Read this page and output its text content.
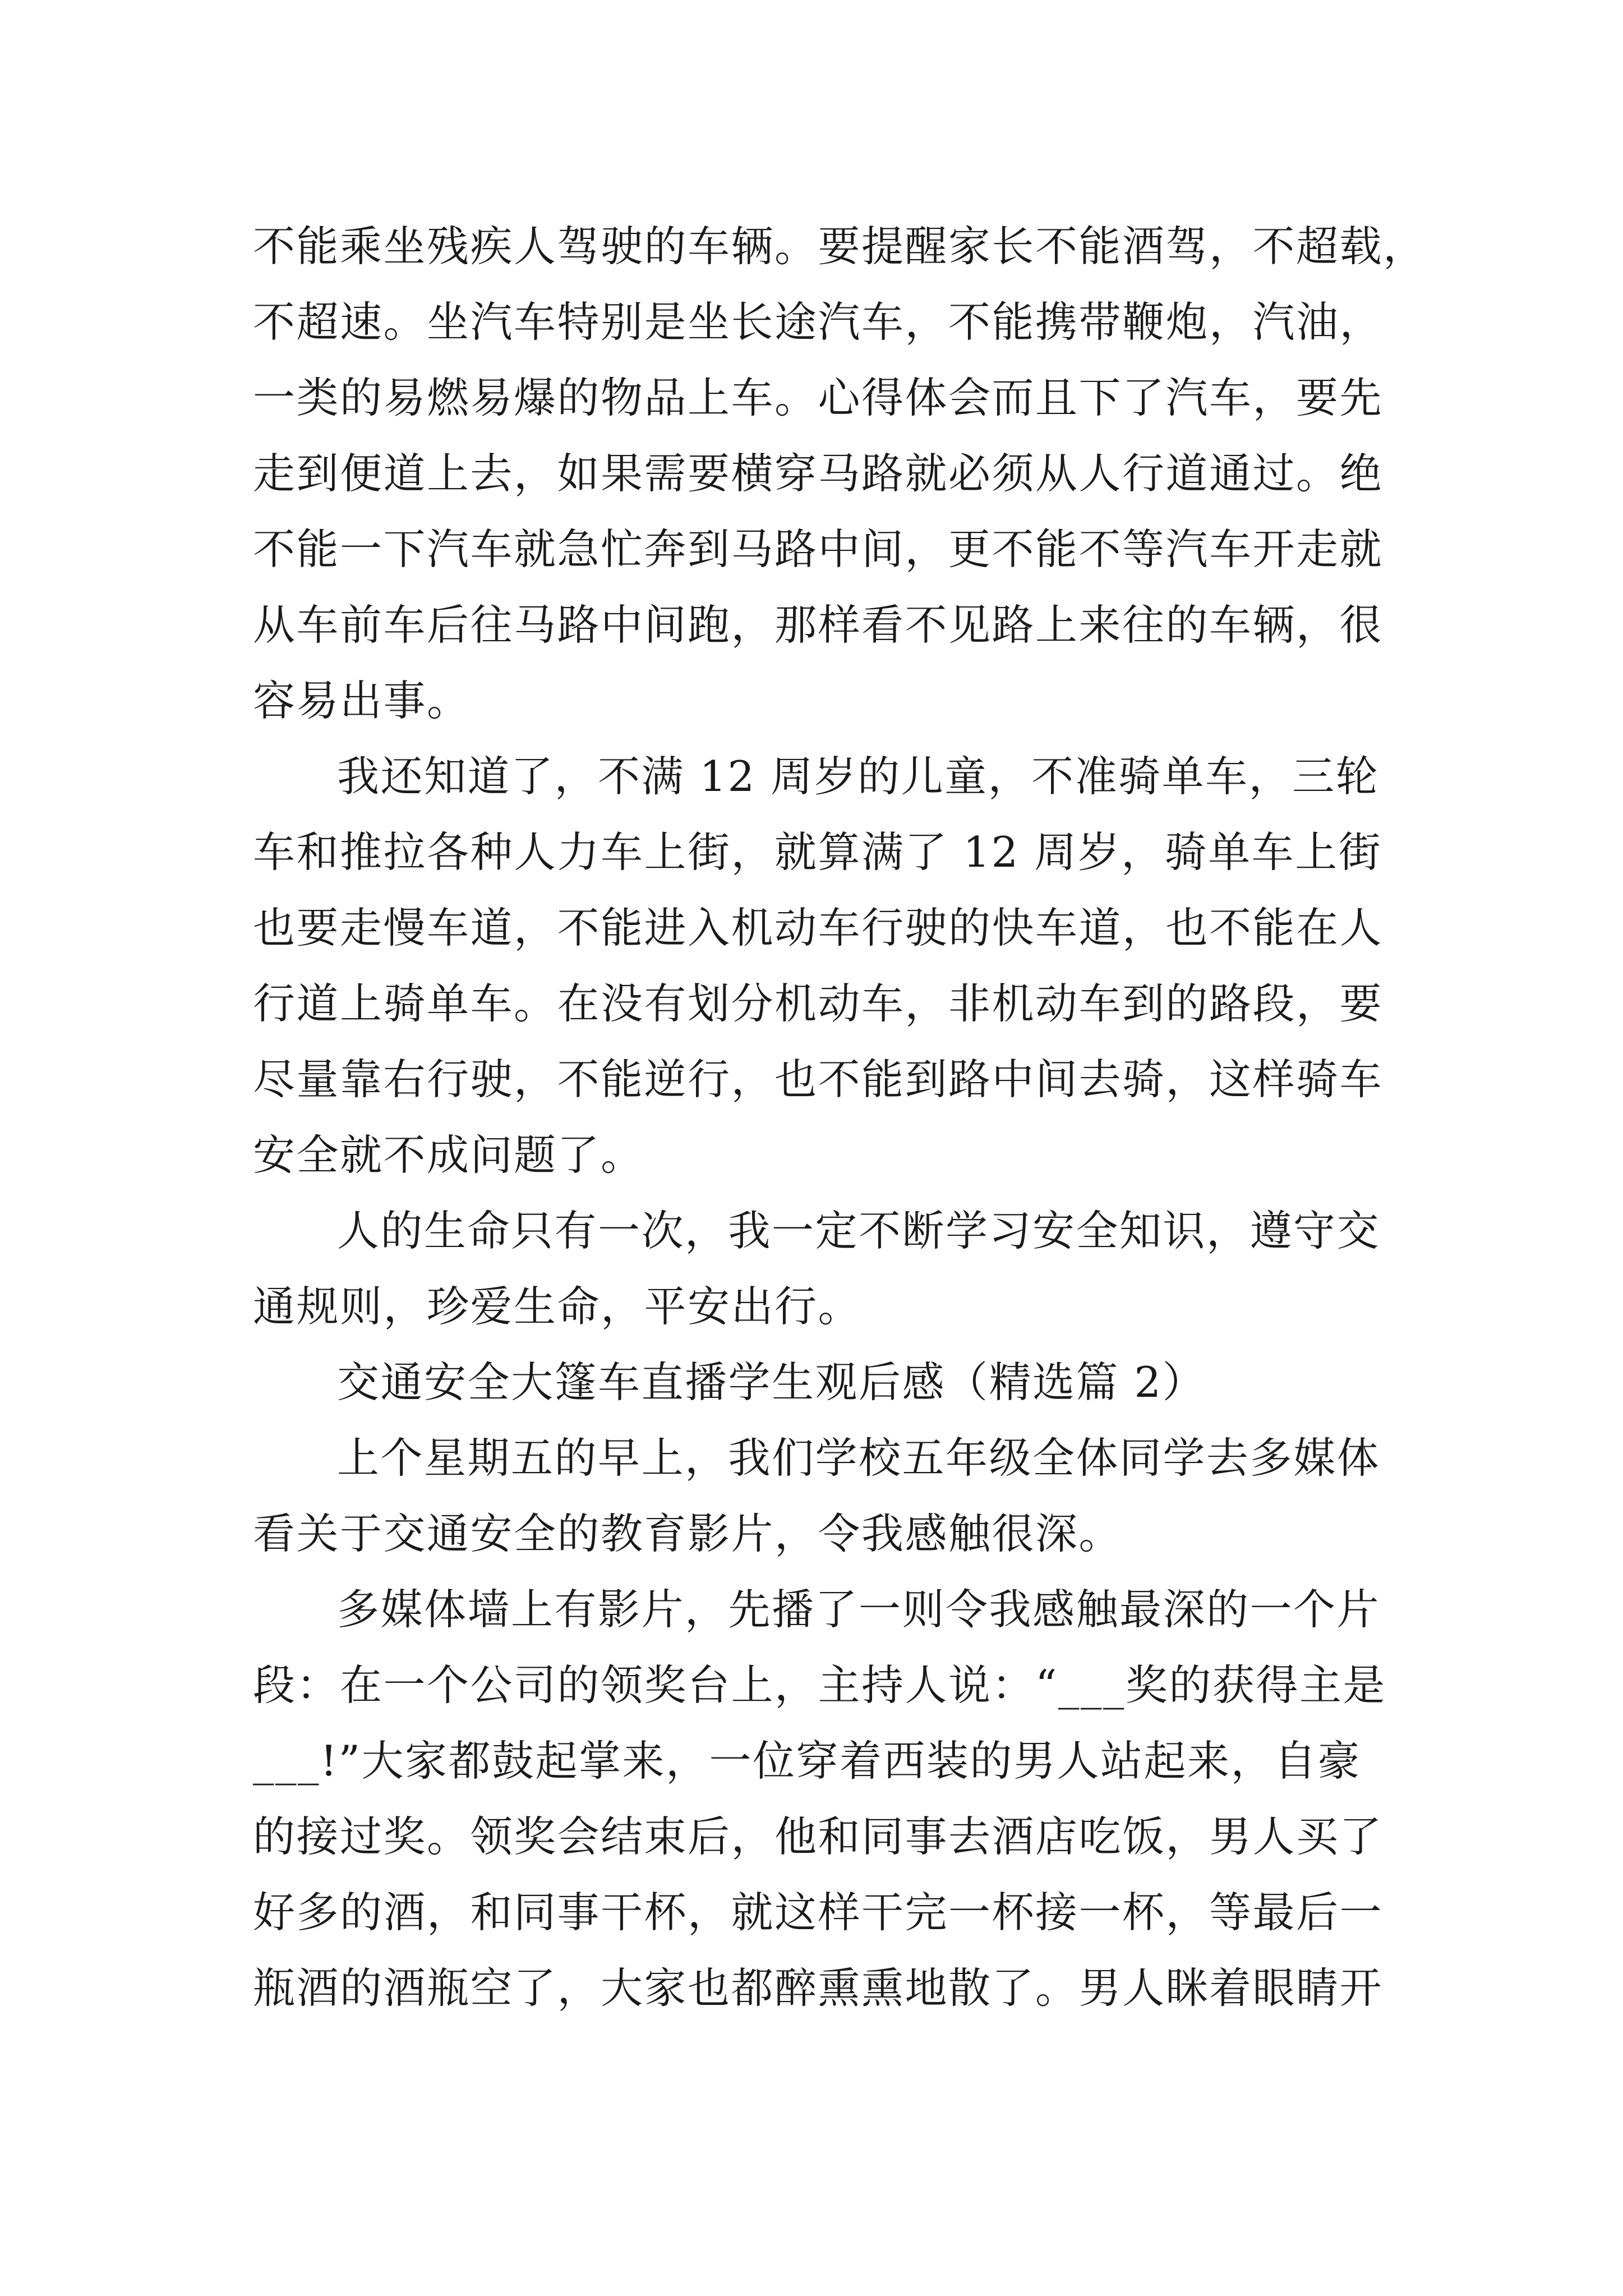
不能乘坐残疾人驾驶的车辆。要提醒家长不能酒驾，不超载，
不超速。坐汽车特别是坐长途汽车，不能携带鞭炮，汽油，
一类的易燃易爆的物品上车。心得体会而且下了汽车，要先
走到便道上去，如果需要横穿马路就必须从人行道通过。绝
不能一下汽车就急忙奔到马路中间，更不能不等汽车开走就
从车前车后往马路中间跑，那样看不见路上来往的车辆，很
容易出事。
我还知道了，不满 12 周岁的儿童，不准骑单车，三轮
车和推拉各种人力车上街，就算满了 12 周岁，骑单车上街
也要走慢车道，不能进入机动车行驶的快车道，也不能在人
行道上骑单车。在没有划分机动车，非机动车到的路段，要
尽量靠右行驶，不能逆行，也不能到路中间去骑，这样骑车
安全就不成问题了。
人的生命只有一次，我一定不断学习安全知识，遵守交
通规则，珍爱生命，平安出行。
交通安全大篷车直播学生观后感（精选篇 2）
上个星期五的早上，我们学校五年级全体同学去多媒体
看关于交通安全的教育影片，令我感触很深。
多媒体墙上有影片，先播了一则令我感触最深的一个片
段：在一个公司的领奖台上，主持人说：“___奖的获得主是
___!”大家都鼓起掌来，一位穿着西装的男人站起来，自豪
的接过奖。领奖会结束后，他和同事去酒店吃饭，男人买了
好多的酒，和同事干杯，就这样干完一杯接一杯，等最后一
瓶酒的酒瓶空了，大家也都醉熏熏地散了。男人眯着眼睛开
